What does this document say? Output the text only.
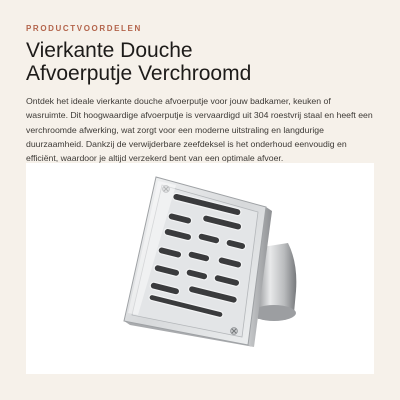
PRODUCTVOORDELEN

Vierkante Douche
Afvoerputje Verchroomd

Ontdek het ideale vierkante douche afvoerputje voor jouw badkamer, keuken of wasruimte. Dit hoogwaardige afvoerputje is vervaardigd uit 304 roestvrij staal en heeft een verchroomde afwerking, wat zorgt voor een moderne uitstraling en langdurige duurzaamheid. Dankzij de verwijderbare zeefdeksel is het onderhoud eenvoudig en efficiënt, waardoor je altijd verzekerd bent van een optimale afvoer.
